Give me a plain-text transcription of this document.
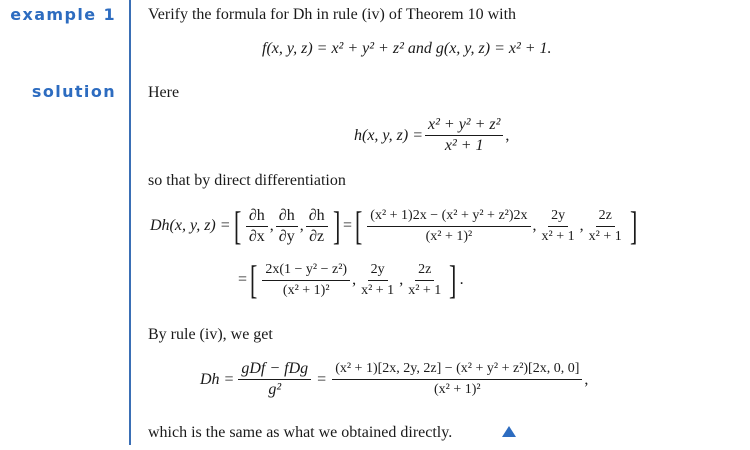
example 1
solution
Verify the formula for Dh in rule (iv) of Theorem 10 with
f(x, y, z) = x² + y² + z² and g(x, y, z) = x² + 1.
Here
h(x, y, $z) = \frac{\text{x² + y² + z²}}{\text{x² + 1}}$ ,
so that by direct differentiation
Dh(x, y, z) = [ $\frac{\partial h}{\partial x}$ , $\frac{\partial h}{\partial y}$ , $\frac{\partial h}{\partial z}$ ] = [ $\frac{\text{(x² + 1)2x − (x² + y² + z²)2x}}{\text{(x² + 1)²}}$ , $\frac{2y}{\text{x² + 1}}$ , $\frac{2z}{\text{x² + 1}}$ ]
= [ $\frac{\text{2x(1 − y² − z²)}}{\text{(x² + 1)²}}$ , $\frac{2y}{\text{x² + 1}}$ , $\frac{2z}{\text{x² + 1}}$ ] .
By rule (iv), we get
$Dh = \frac{\text{gDf − fDg}}{\text{g²}} = \frac{\text{(x² + 1)[2x, 2y, 2z] − (x² + y² + z²)[2x, 0, 0]}}{\text{(x² + 1)²}}$ ,
which is the same as what we obtained directly.
